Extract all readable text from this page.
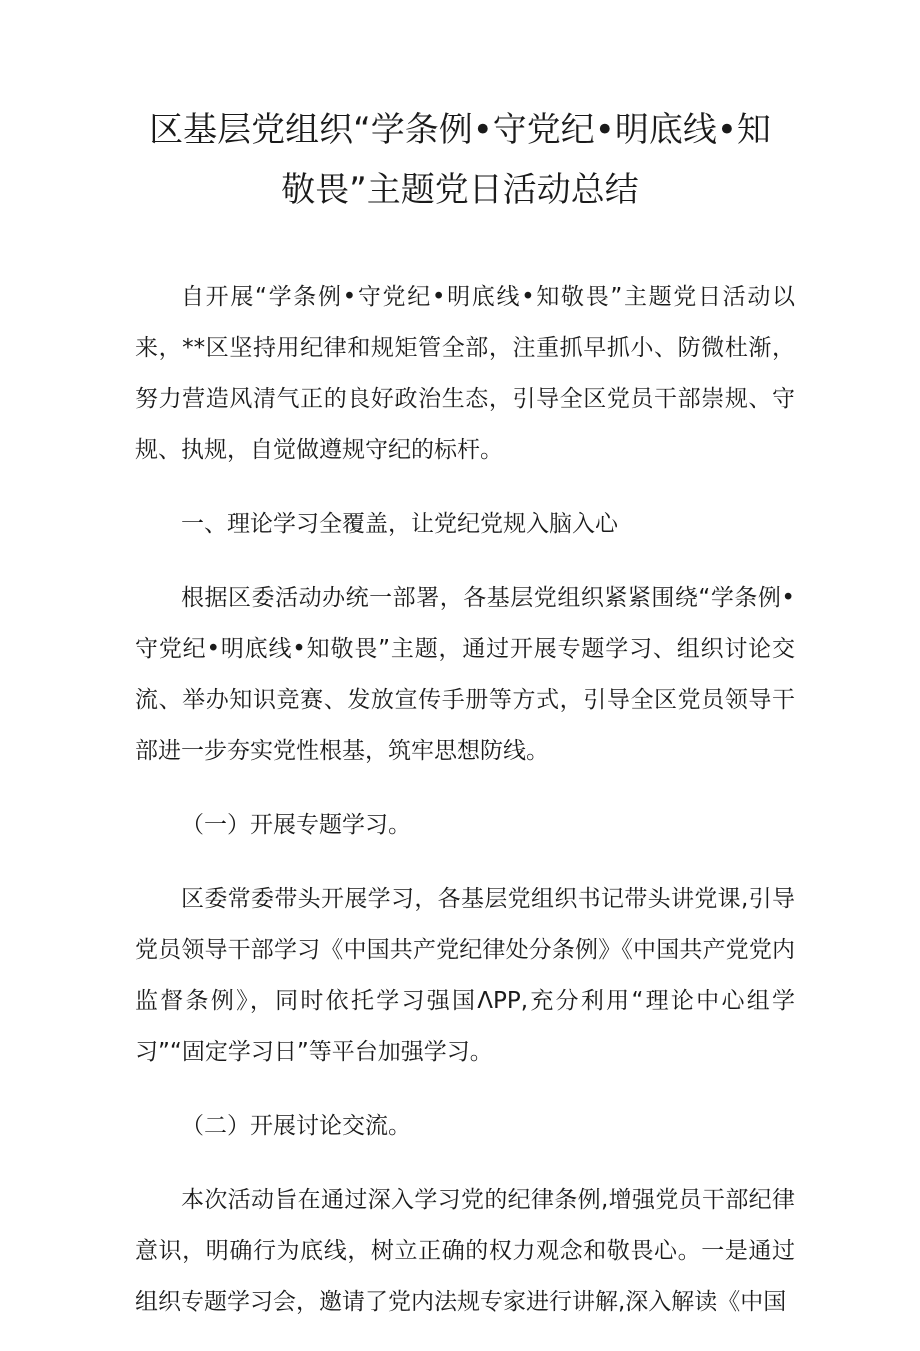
区基层党组织“学条例•守党纪•明底线•知
敬畏”主题党日活动总结

自开展“学条例•守党纪•明底线•知敬畏”主题党日活动以来，**区坚持用纪律和规矩管全部，注重抓早抓小、防微杜渐，努力营造风清气正的良好政治生态，引导全区党员干部崇规、守规、执规，自觉做遵规守纪的标杆。

一、理论学习全覆盖，让党纪党规入脑入心

根据区委活动办统一部署，各基层党组织紧紧围绕“学条例•守党纪•明底线•知敬畏”主题，通过开展专题学习、组织讨论交流、举办知识竞赛、发放宣传手册等方式，引导全区党员领导干部进一步夯实党性根基，筑牢思想防线。

（一）开展专题学习。

区委常委带头开展学习，各基层党组织书记带头讲党课,引导党员领导干部学习《中国共产党纪律处分条例》《中国共产党党内监督条例》，同时依托学习强国ΛPP,充分利用“理论中心组学习”“固定学习日”等平台加强学习。

（二）开展讨论交流。

本次活动旨在通过深入学习党的纪律条例,增强党员干部纪律意识，明确行为底线，树立正确的权力观念和敬畏心。一是通过组织专题学习会，邀请了党内法规专家进行讲解,深入解读《中国
